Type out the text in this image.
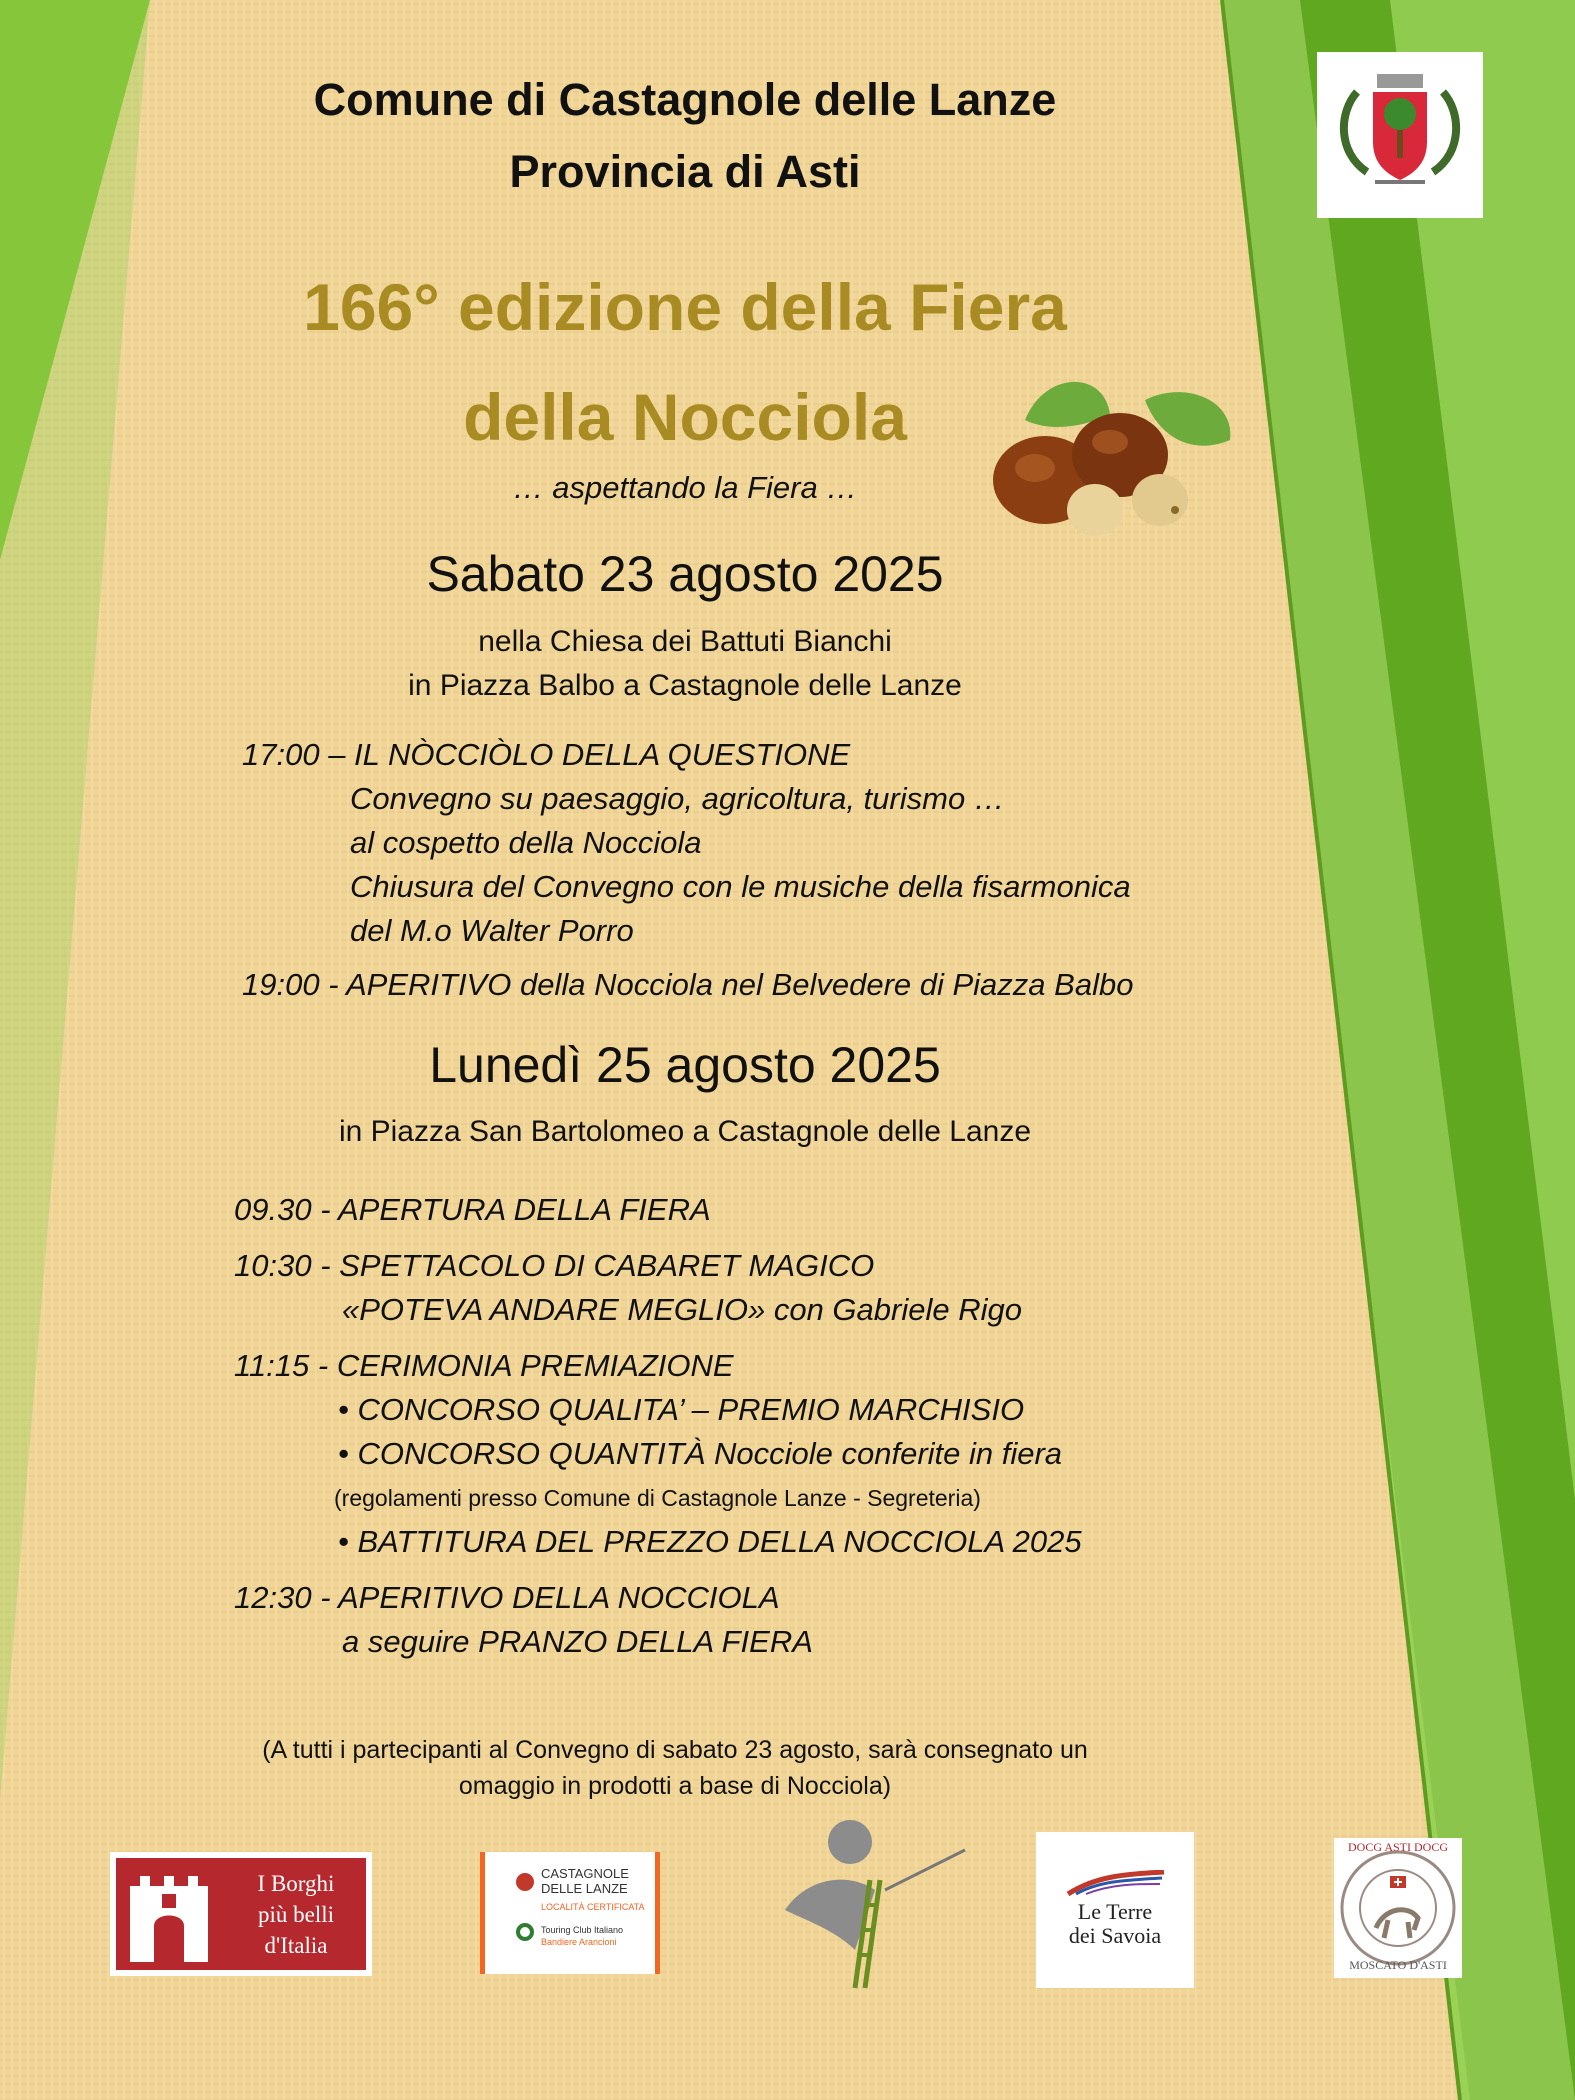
Comune di Castagnole delle Lanze
Provincia di Asti
166° edizione della Fiera
della Nocciola
… aspettando la Fiera …
Sabato 23 agosto 2025
nella Chiesa dei Battuti Bianchi
in Piazza Balbo a Castagnole delle Lanze
17:00 – IL NÒCCIÒLO DELLA QUESTIONE
Convegno su paesaggio, agricoltura, turismo …
al cospetto della Nocciola
Chiusura del Convegno con le musiche della fisarmonica
del M.o Walter Porro
19:00 - APERITIVO della Nocciola nel Belvedere di Piazza Balbo
Lunedì 25 agosto 2025
in Piazza San Bartolomeo a Castagnole delle Lanze
09.30 - APERTURA DELLA FIERA
10:30 - SPETTACOLO DI CABARET MAGICO
«POTEVA ANDARE MEGLIO» con Gabriele Rigo
11:15 - CERIMONIA PREMIAZIONE
• CONCORSO QUALITA’ – PREMIO MARCHISIO
• CONCORSO QUANTITÀ Nocciole conferite in fiera
(regolamenti presso Comune di Castagnole Lanze - Segreteria)
• BATTITURA DEL PREZZO DELLA NOCCIOLA 2025
12:30 - APERITIVO DELLA NOCCIOLA
a seguire PRANZO DELLA FIERA
(A tutti i partecipanti al Convegno di sabato 23 agosto, sarà consegnato un
omaggio in prodotti a base di Nocciola)
I Borghi
più belli
d'Italia
CASTAGNOLE
DELLE LANZE
LOCALITÀ CERTIFICATA
Touring Club Italiano
Bandiere Arancioni
Le Terre
dei Savoia
DOCG ASTI DOCG
MOSCATO D'ASTI
